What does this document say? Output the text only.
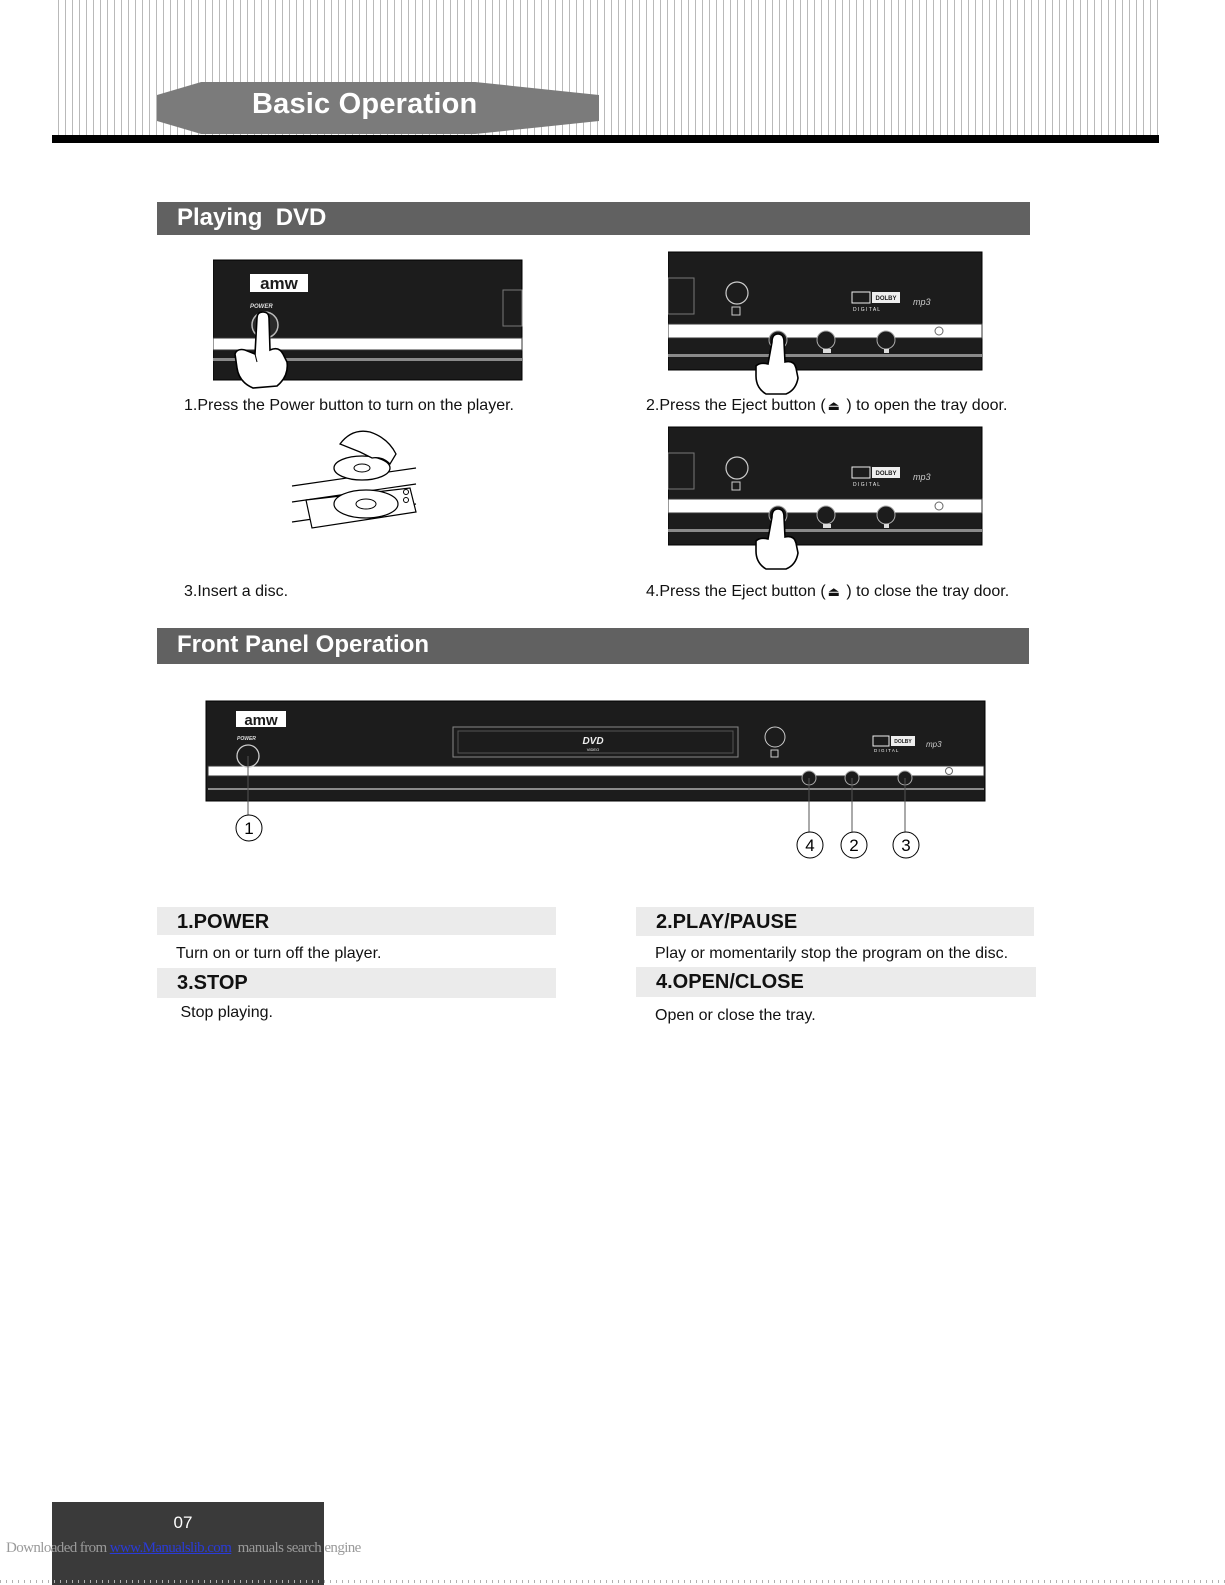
Basic Operation
Playing  DVD
amw
POWER
1.Press the Power button to turn on the player.
DOLBY
D I G I T A L
mp3
2.Press the Eject button ( ⏏ ) to open the tray door.
3.Insert a disc.
DOLBY
D I G I T A L
mp3
4.Press the Eject button ( ⏏ ) to close the tray door.
Front Panel Operation
amw
POWER	DVD
VIDEO
DOLBY
D I G I T A L
mp3
1
4 2	3
1.POWER
Turn on or turn off the player.
2.PLAY/PAUSE
Play or momentarily stop the program on the disc.
3.STOP
Stop playing.
4.OPEN/CLOSE
Open or close the tray.
07
Downloaded from www.Manualslib.com  manuals search engine
